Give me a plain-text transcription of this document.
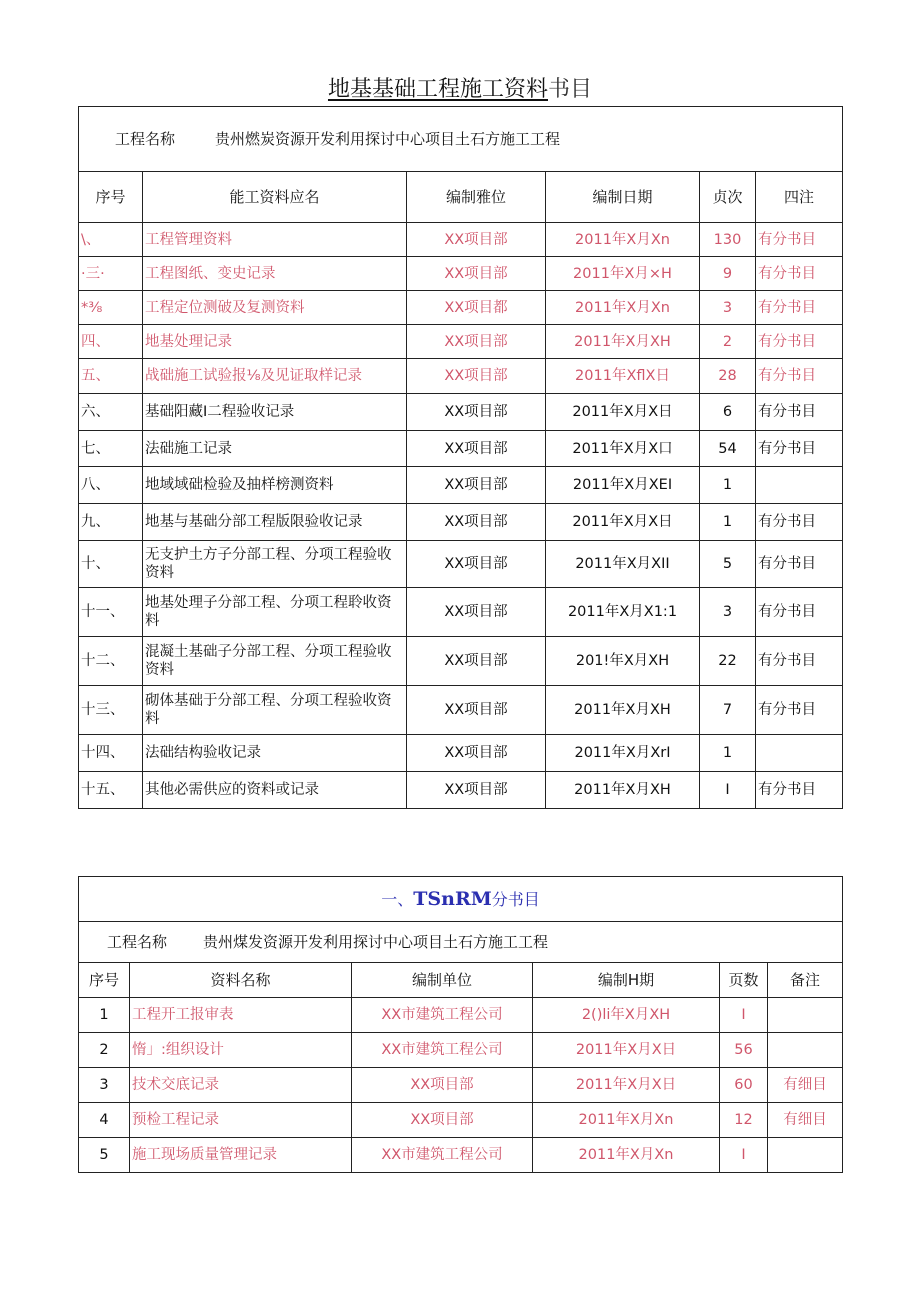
地基基础工程施工资料书目
工程名称 贵州燃炭资源开发利用探讨中心项目土石方施工工程					
序号	能工资料应名	编制雅位	编制日期	贞次	四注
\、	工程管理资料	XX项目部	2011年X月Xn	130	有分书目
·三·	工程图纸、变史记录	XX项目部	2011年X月×H	9	有分书目
*⅜	工程定位测破及复测资料	XX项目都	2011年X月Xn	3	有分书目
四、	地基处理记录	XX项目部	2011年X月XH	2	有分书目
五、	战础施工试验报⅛及见证取样记录	XX项目部	2011年XflX日	28	有分书目
六、	基础阳藏I二程验收记录	XX项目部	2011年X月X日	6	有分书目
七、	法础施工记录	XX项目部	2011年X月X口	54	有分书目
八、	地域域础检验及抽样榜测资料	XX项目部	2011年X月XEI	1	
九、	地基与基础分部工程版限验收记录	XX项目部	2011年X月X日	1	有分书目
十、	无支护土方子分部工程、分项工程验收资料	XX项目部	2011年X月XII	5	有分书目
十一、	地基处理子分部工程、分项工程聆收资料	XX项目部	2011年X月X1:1	3	有分书目
十二、	混凝土基础子分部工程、分项工程验收资料	XX项目部	201!年X月XH	22	有分书目
十三、	砌体基础于分部工程、分项工程验收资料	XX项目部	2011年X月XH	7	有分书目
十四、	法础结构验收记录	XX项目部	2011年X月XrI	1	
十五、	其他必需供应的资料或记录	XX项目部	2011年X月XH	I	有分书目
一、TSnRM分书目					
工程名称 贵州煤发资源开发利用探讨中心项目土石方施工工程					
序号	资料名称	编制单位	编制H期	页数	备注
1	工程开工报审表	XX市建筑工程公司	2()li年X月XH	I	
2	惰」:组织设计	XX市建筑工程公司	2011年X月X日	56	
3	技术交底记录	XX项目部	2011年X月X日	60	有细目
4	预检工程记录	XX项目部	2011年X月Xn	12	有细目
5	施工现场质量管理记录	XX市建筑工程公司	2011年X月Xn	I	
